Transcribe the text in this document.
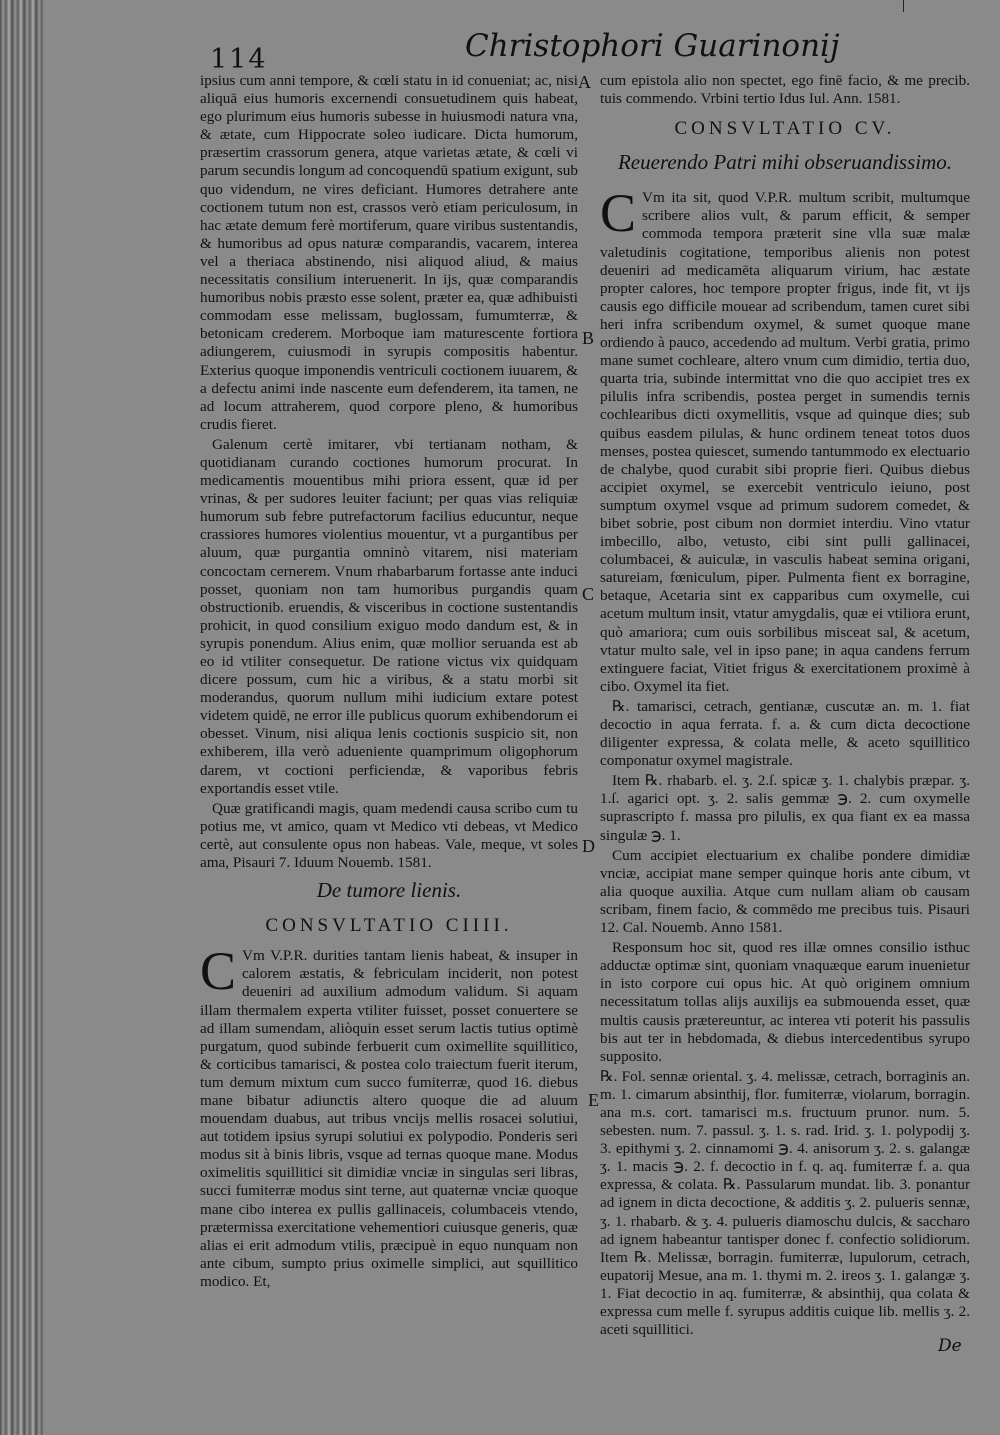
114	Christophori Guarinonij

ipsius cum anni tempore, & cœli statu in id conueniat; ac, nisi aliquā eius humoris excernendi consuetudinem quis habeat, ego plurimum eius humoris subesse in huiusmodi natura vna, & ætate, cum Hippocrate soleo iudicare. Dicta humorum, præsertim crassorum genera, atque varietas ætate, & cœli vi parum secundis longum ad concoquendū spatium exigunt, sub quo videndum, ne vires deficiant. Humores detrahere ante coctionem tutum non est, crassos verò etiam periculosum, in hac ætate demum ferè mortiferum, quare viribus sustentandis, & humoribus ad opus naturæ comparandis, vacarem, interea vel a theriaca abstinendo, nisi aliquod aliud, & maius necessitatis consilium interuenerit. In ijs, quæ comparandis humoribus nobis præsto esse solent, præter ea, quæ adhibuisti commodam esse melissam, buglossam, fumumterræ, & betonicam crederem. Morboque iam maturescente fortiora adiungerem, cuiusmodi in syrupis compositis habentur. Exterius quoque imponendis ventriculi coctionem iuuarem, & a defectu animi inde nascente eum defenderem, ita tamen, ne ad locum attraherem, quod corpore pleno, & humoribus crudis fieret.

Galenum certè imitarer, vbi tertianam notham, & quotidianam curando coctiones humorum procurat. In medicamentis mouentibus mihi priora essent, quæ id per vrinas, & per sudores leuiter faciunt; per quas vias reliquiæ humorum sub febre putrefactorum facilius educuntur, neque crassiores humores violentius mouentur, vt a purgantibus per aluum, quæ purgantia omninò vitarem, nisi materiam concoctam cernerem. Vnum rhabarbarum fortasse ante induci posset, quoniam non tam humoribus purgandis quam obstructionib. eruendis, & visceribus in coctione sustentandis prohicit, in quod consilium exiguo modo dandum est, & in syrupis ponendum. Alius enim, quæ mollior seruanda est ab eo id vtiliter consequetur. De ratione victus vix quidquam dicere possum, cum hic a viribus, & a statu morbi sit moderandus, quorum nullum mihi iudicium extare potest videtem quidē, ne error ille publicus quorum exhibendorum ei obesset. Vinum, nisi aliqua lenis coctionis suspicio sit, non exhiberem, illa verò adueniente quamprimum oligophorum darem, vt coctioni perficiendæ, & vaporibus febris exportandis esset vtile.

Quæ gratificandi magis, quam medendi causa scribo cum tu potius me, vt amico, quam vt Medico vti debeas, vt Medico certè, aut consulente opus non habeas. Vale, meque, vt soles ama, Pisauri 7. Iduum Nouemb. 1581.

De tumore lienis.
CONSVLTATIO CIIII.

C Vm V.P.R. durities tantam lienis habeat, & insuper in calorem æstatis, & febriculam inciderit, non potest deueniri ad auxilium admodum validum. Si aquam illam thermalem experta vtiliter fuisset, posset conuertere se ad illam sumendam, aliòquin esset serum lactis tutius optimè purgatum, quod subinde ferbuerit cum oximellite squillitico, & corticibus tamarisci, & postea colo traiectum fuerit iterum, tum demum mixtum cum succo fumiterræ, quod 16. diebus mane bibatur adiunctis altero quoque die ad aluum mouendam duabus, aut tribus vncijs mellis rosacei solutiui, aut totidem ipsius syrupi solutiui ex polypodio. Ponderis seri modus sit à binis libris, vsque ad ternas quoque mane. Modus oximelitis squillitici sit dimidiæ vnciæ in singulas seri libras, succi fumiterræ modus sint terne, aut quaternæ vnciæ quoque mane cibo interea ex pullis gallinaceis, columbaceis vtendo, prætermissa exercitatione vehementiori cuiusque generis, quæ alias ei erit admodum vtilis, præcipuè in equo nunquam non ante cibum, sumpto prius oximelle simplici, aut squillitico modico. Et,

cum epistola alio non spectet, ego finē facio, & me precib. tuis commendo. Vrbini tertio Idus Iul. Ann. 1581.

CONSVLTATIO CV.
Reuerendo Patri mihi obseruandissimo.

C Vm ita sit, quod V.P.R. multum scribit, multumque scribere alios vult, & parum efficit, & semper commoda tempora præterit sine vlla suæ malæ valetudinis cogitatione, temporibus alienis non potest deueniri ad medicamēta aliquarum virium, hac æstate propter calores, hoc tempore propter frigus, inde fit, vt ijs causis ego difficile mouear ad scribendum, tamen curet sibi heri infra scribendum oxymel, & sumet quoque mane ordiendo à pauco, accedendo ad multum. Verbi gratia, primo mane sumet cochleare, altero vnum cum dimidio, tertia duo, quarta tria, subinde intermittat vno die quo accipiet tres ex pilulis infra scribendis, postea perget in sumendis ternis cochlearibus dicti oxymellitis, vsque ad quinque dies; sub quibus easdem pilulas, & hunc ordinem teneat totos duos menses, postea quiescet, sumendo tantummodo ex electuario de chalybe, quod curabit sibi proprie fieri. Quibus diebus accipiet oxymel, se exercebit ventriculo ieiuno, post sumptum oxymel vsque ad primum sudorem comedet, & bibet sobrie, post cibum non dormiet interdiu. Vino vtatur imbecillo, albo, vetusto, cibi sint pulli gallinacei, columbacei, & auiculæ, in vasculis habeat semina origani, satureiam, fœniculum, piper. Pulmenta fient ex borragine, betaque, Acetaria sint ex capparibus cum oxymelle, cui acetum multum insit, vtatur amygdalis, quæ ei vtiliora erunt, quò amariora; cum ouis sorbilibus misceat sal, & acetum, vtatur multo sale, vel in ipso pane; in aqua candens ferrum extinguere faciat, Vitiet frigus & exercitationem proximè à cibo. Oxymel ita fiet.

℞. tamarisci, cetrach, gentianæ, cuscutæ an. m. 1. fiat decoctio in aqua ferrata. f. a. & cum dicta decoctione diligenter expressa, & colata melle, & aceto squillitico componatur oxymel magistrale.

Item ℞. rhabarb. el. ʒ. 2.ſ. spicæ ʒ. 1. chalybis præpar. ʒ. 1.ſ. agarici opt. ʒ. 2. salis gemmæ ℈. 2. cum oxymelle suprascripto f. massa pro pilulis, ex qua fiant ex ea massa singulæ ℈. 1.

Cum accipiet electuarium ex chalibe pondere dimidiæ vnciæ, accipiat mane semper quinque horis ante cibum, vt alia quoque auxilia. Atque cum nullam aliam ob causam scribam, finem facio, & commēdo me precibus tuis. Pisauri 12. Cal. Nouemb. Anno 1581.

Responsum hoc sit, quod res illæ omnes consilio isthuc adductæ optimæ sint, quoniam vnaquæque earum inuenietur in isto corpore cui opus hic. At quò originem omnium necessitatum tollas alijs auxilijs ea submouenda esset, quæ multis causis prætereuntur, ac interea vti poterit his passulis bis aut ter in hebdomada, & diebus intercedentibus syrupo supposito.

℞. Fol. sennæ oriental. ʒ. 4. melissæ, cetrach, borraginis an. m. 1. cimarum absinthij, flor. fumiterræ, violarum, borragin. ana m.s. cort. tamarisci m.s. fructuum prunor. num. 5. sebesten. num. 7. passul. ʒ. 1. s. rad. Irid. ʒ. 1. polypodij ʒ. 3. epithymi ʒ. 2. cinnamomi ℈. 4. anisorum ʒ. 2. s. galangæ ʒ. 1. macis ℈. 2. f. decoctio in f. q. aq. fumiterræ f. a. qua expressa, & colata. ℞. Passularum mundat. lib. 3. ponantur ad ignem in dicta decoctione, & additis ʒ. 2. pulueris sennæ, ʒ. 1. rhabarb. & ʒ. 4. pulueris diamoschu dulcis, & saccharo ad ignem habeantur tantisper donec f. confectio solidiorum. Item ℞. Melissæ, borragin. fumiterræ, lupulorum, cetrach, eupatorij Mesue, ana m. 1. thymi m. 2. ireos ʒ. 1. galangæ ʒ. 1. Fiat decoctio in aq. fumiterræ, & absinthij, qua colata & expressa cum melle f. syrupus additis cuique lib. mellis ʒ. 2. aceti squillitici.

A
B
C
D
E
De
